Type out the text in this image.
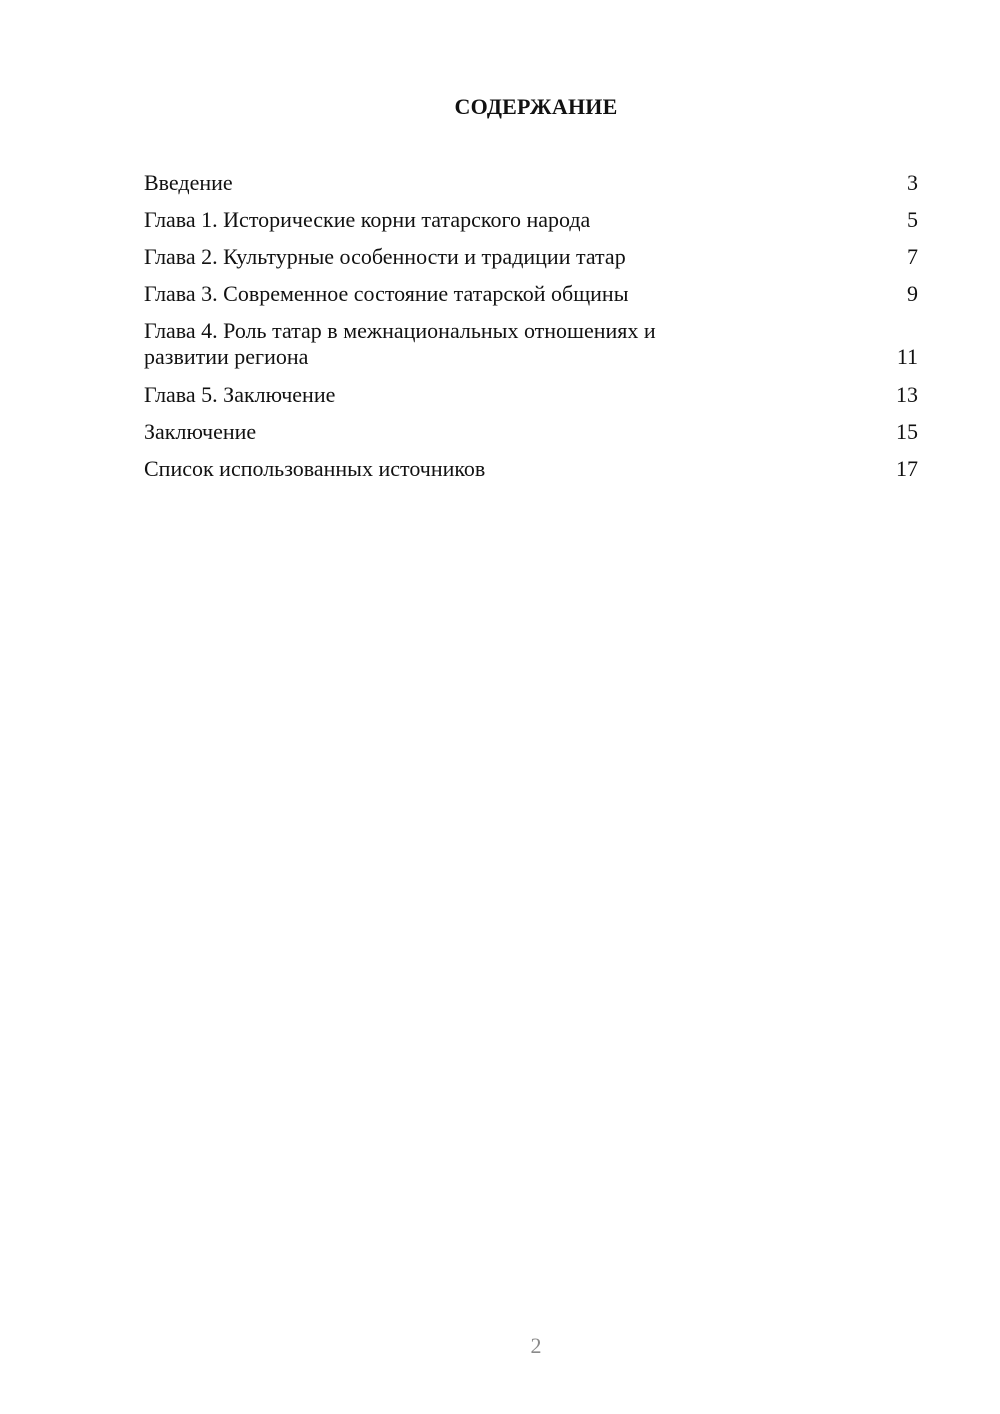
СОДЕРЖАНИЕ
Введение	3
Глава 1. Исторические корни татарского народа	5
Глава 2. Культурные особенности и традиции татар	7
Глава 3. Современное состояние татарской общины	9
Глава 4. Роль татар в межнациональных отношениях и развитии региона	11
Глава 5. Заключение	13
Заключение	15
Список использованных источников	17
2
